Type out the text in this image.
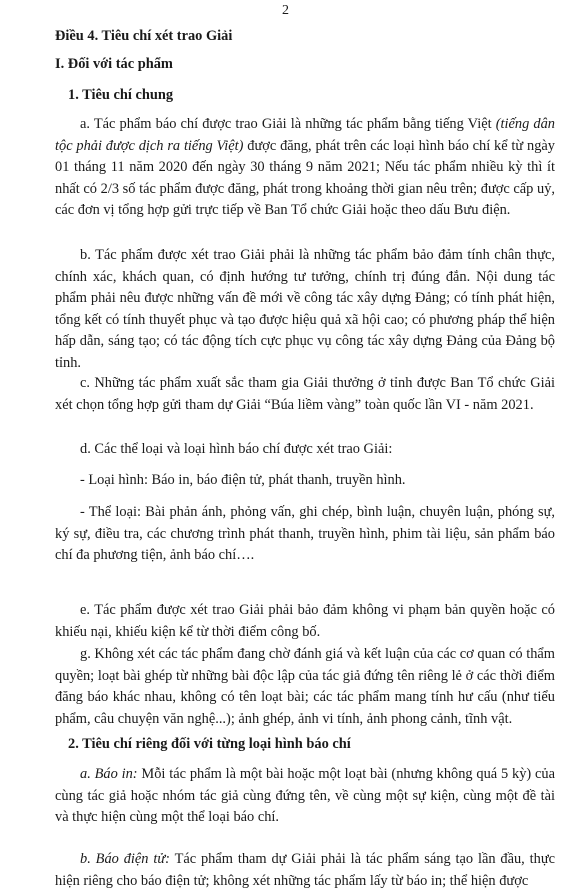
2

Điều 4. Tiêu chí xét trao Giải

I. Đối với tác phẩm

1. Tiêu chí chung

a. Tác phẩm báo chí được trao Giải là những tác phẩm bằng tiếng Việt (tiếng dân tộc phải được dịch ra tiếng Việt) được đăng, phát trên các loại hình báo chí kể từ ngày 01 tháng 11 năm 2020 đến ngày 30 tháng 9 năm 2021; Nếu tác phẩm nhiều kỳ thì ít nhất có 2/3 số tác phẩm được đăng, phát trong khoảng thời gian nêu trên; được cấp uỷ, các đơn vị tổng hợp gửi trực tiếp về Ban Tổ chức Giải hoặc theo dấu Bưu điện.

b. Tác phẩm được xét trao Giải phải là những tác phẩm bảo đảm tính chân thực, chính xác, khách quan, có định hướng tư tưởng, chính trị đúng đắn. Nội dung tác phẩm phải nêu được những vấn đề mới về công tác xây dựng Đảng; có tính phát hiện, tổng kết có tính thuyết phục và tạo được hiệu quả xã hội cao; có phương pháp thể hiện hấp dẫn, sáng tạo; có tác động tích cực phục vụ công tác xây dựng Đảng của Đảng bộ tỉnh.

c. Những tác phẩm xuất sắc tham gia Giải thưởng ở tỉnh được Ban Tổ chức Giải xét chọn tổng hợp gửi tham dự Giải “Búa liềm vàng” toàn quốc lần VI - năm 2021.

d. Các thể loại và loại hình báo chí được xét trao Giải:

- Loại hình: Báo in, báo điện tử, phát thanh, truyền hình.

- Thể loại: Bài phản ánh, phỏng vấn, ghi chép, bình luận, chuyên luận, phóng sự, ký sự, điều tra, các chương trình phát thanh, truyền hình, phim tài liệu, sản phẩm báo chí đa phương tiện, ảnh báo chí….

e. Tác phẩm được xét trao Giải phải bảo đảm không vi phạm bản quyền hoặc có khiếu nại, khiếu kiện kể từ thời điểm công bố.

g. Không xét các tác phẩm đang chờ đánh giá và kết luận của các cơ quan có thẩm quyền; loạt bài ghép từ những bài độc lập của tác giả đứng tên riêng lẻ ở các thời điểm đăng báo khác nhau, không có tên loạt bài; các tác phẩm mang tính hư cấu (như tiểu phẩm, câu chuyện văn nghệ...); ảnh ghép, ảnh vi tính, ảnh phong cảnh, tĩnh vật.

2. Tiêu chí riêng đối với từng loại hình báo chí

a. Báo in: Mỗi tác phẩm là một bài hoặc một loạt bài (nhưng không quá 5 kỳ) của cùng tác giả hoặc nhóm tác giả cùng đứng tên, về cùng một sự kiện, cùng một đề tài và thực hiện cùng một thể loại báo chí.

b. Báo điện tử: Tác phẩm tham dự Giải phải là tác phẩm sáng tạo lần đầu, thực hiện riêng cho báo điện tử; không xét những tác phẩm lấy từ báo in; thể hiện được
